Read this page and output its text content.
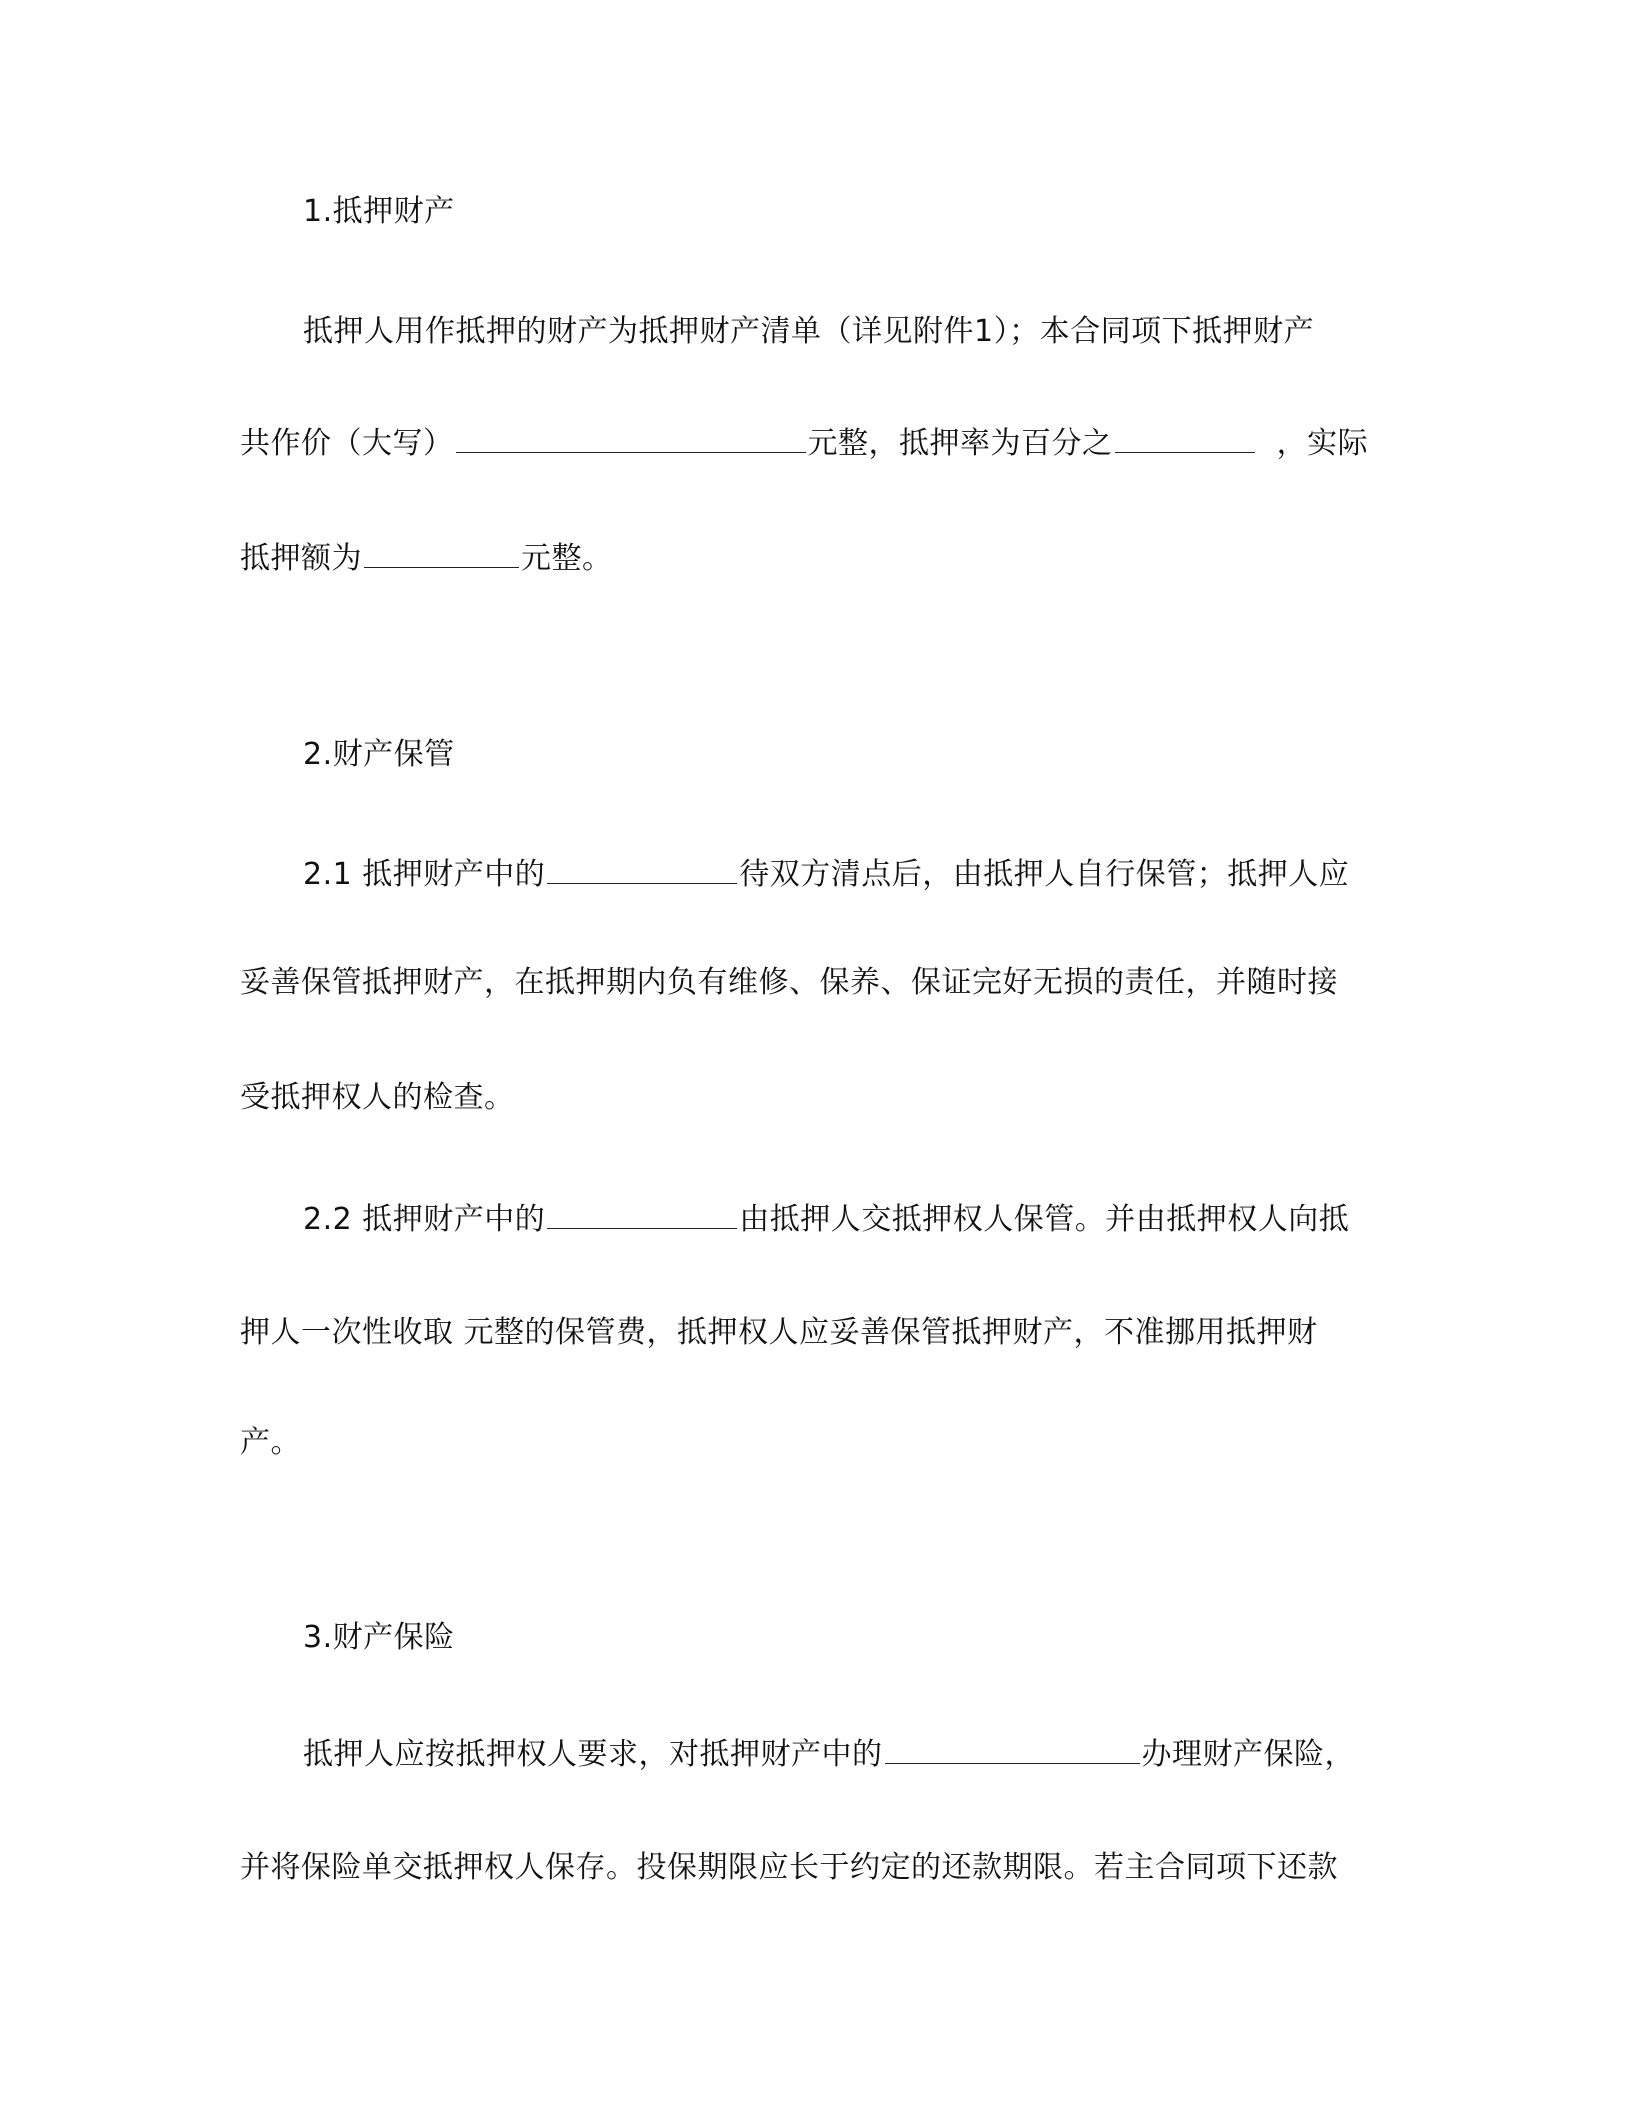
1.抵押财产
抵押人用作抵押的财产为抵押财产清单（详见附件1）；本合同项下抵押财产
共作价（大写）	元整，抵押率为百分之	，实际
抵押额为	元整。
2.财产保管
2.1 抵押财产中的	待双方清点后，由抵押人自行保管；抵押人应
妥善保管抵押财产，在抵押期内负有维修、保养、保证完好无损的责任，并随时接
受抵押权人的检查。
2.2 抵押财产中的	由抵押人交抵押权人保管。并由抵押权人向抵
押人一次性收取 元整的保管费，抵押权人应妥善保管抵押财产，不准挪用抵押财
产。
3.财产保险
抵押人应按抵押权人要求，对抵押财产中的	办理财产保险，
并将保险单交抵押权人保存。投保期限应长于约定的还款期限。若主合同项下还款
